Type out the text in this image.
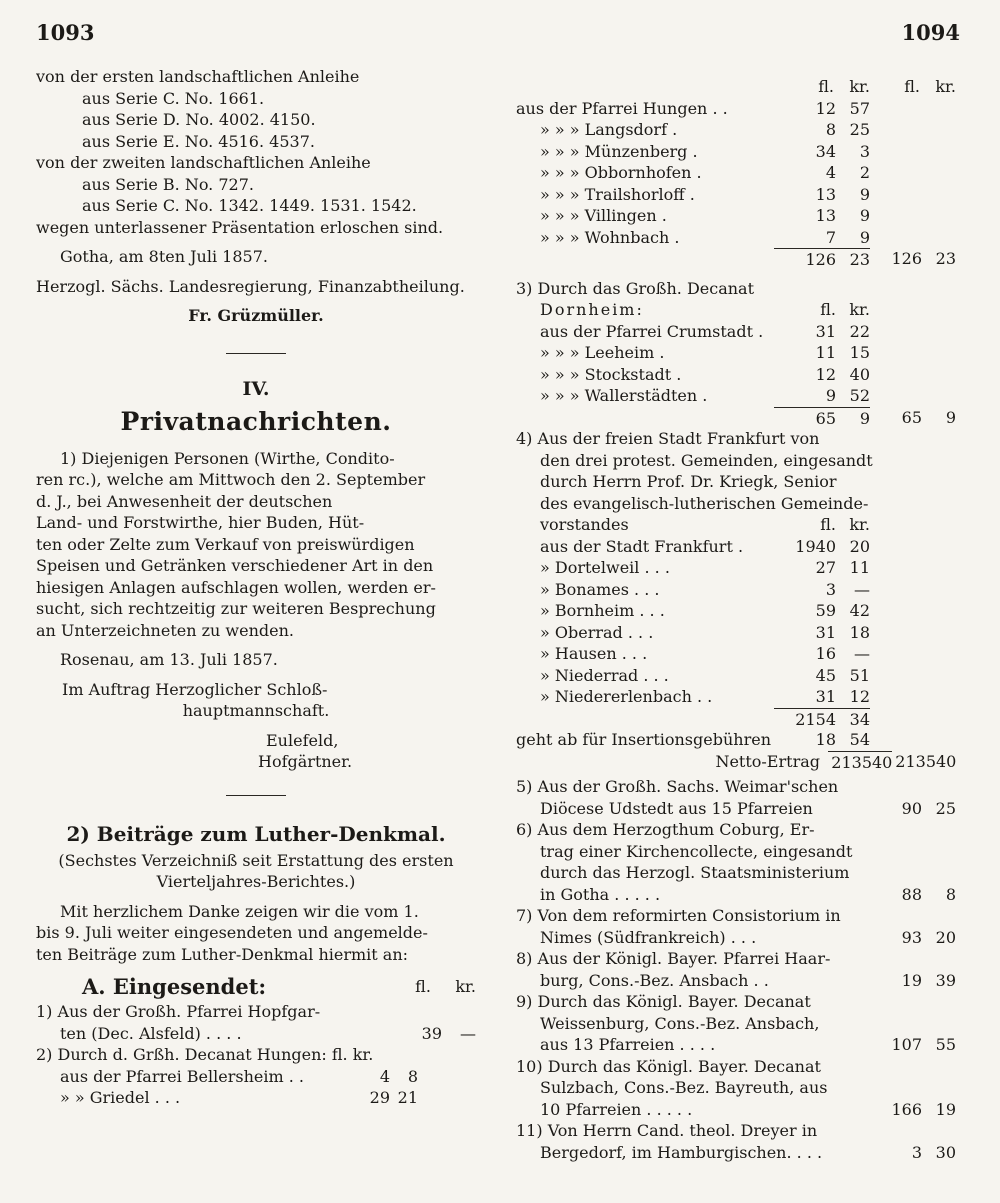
1093	1094
von der ersten landschaftlichen Anleihe
aus Serie C. No. 1661.
aus Serie D. No. 4002. 4150.
aus Serie E. No. 4516. 4537.
von der zweiten landschaftlichen Anleihe
aus Serie B. No. 727.
aus Serie C. No. 1342. 1449. 1531. 1542.
wegen unterlassener Präsentation erloschen sind.
Gotha, am 8ten Juli 1857.
Herzogl. Sächs. Landesregierung, Finanzabtheilung.
Fr. Grüzmüller.
IV.
Privatnachrichten.
1) Diejenigen Personen (Wirthe, Condito-
ren rc.), welche am Mittwoch den 2. September
d. J., bei Anwesenheit der deutschen
Land- und Forstwirthe, hier Buden, Hüt-
ten oder Zelte zum Verkauf von preiswürdigen
Speisen und Getränken verschiedener Art in den
hiesigen Anlagen aufschlagen wollen, werden er-
sucht, sich rechtzeitig zur weiteren Besprechung
an Unterzeichneten zu wenden.
Rosenau, am 13. Juli 1857.
Im Auftrag Herzoglicher Schloß-
hauptmannschaft.
Eulefeld,
Hofgärtner.
2) Beiträge zum Luther-Denkmal.
(Sechstes Verzeichniß seit Erstattung des ersten
Vierteljahres-Berichtes.)
Mit herzlichem Danke zeigen wir die vom 1.
bis 9. Juli weiter eingesendeten und angemelde-
ten Beiträge zum Luther-Denkmal hiermit an:
A. Eingesendet:	fl. kr.
1) Aus der Großh. Pfarrei Hopfgar-
ten (Dec. Alsfeld) . . . .	39	—
2) Durch d. Grßh. Decanat Hungen: fl. kr.
aus der Pfarrei Bellersheim . .	4	8
» » Griedel . . .	29 21
fl. kr.	fl. kr.
aus der Pfarrei Hungen . .	12 57
» » » Langsdorf .	8 25
» » » Münzenberg .	34	3
» » » Obbornhofen .	4	2
» » » Trailshorloff .	13	9
» » » Villingen .	13	9
» » » Wohnbach .	7	9
126 23	126 23
3) Durch das Großh. Decanat
Dornheim:	fl. kr.
aus der Pfarrei Crumstadt .	31 22
» » » Leeheim .	11 15
» » » Stockstadt .	12 40
» » » Wallerstädten .	9 52
65	9	65	9
4) Aus der freien Stadt Frankfurt von
den drei protest. Gemeinden, eingesandt
durch Herrn Prof. Dr. Kriegk, Senior
des evangelisch-lutherischen Gemeinde-
vorstandes	fl. kr.
aus der Stadt Frankfurt .	1940 20
» Dortelweil . . .	27 11
» Bonames . . .	3	—
» Bornheim . . .	59 42
» Oberrad . . .	31 18
» Hausen . . .	16	—
» Niederrad . . .	45 51
» Niedererlenbach . .	31 12
2154 34
geht ab für Insertionsgebühren	18 54
Netto-Ertrag 2135 40 2135 40
5) Aus der Großh. Sachs. Weimar'schen
Diöcese Udstedt aus 15 Pfarreien	90 25
6) Aus dem Herzogthum Coburg, Er-
trag einer Kirchencollecte, eingesandt
durch das Herzogl. Staatsministerium
in Gotha . . . . .	88	8
7) Von dem reformirten Consistorium in
Nimes (Südfrankreich) . . .	93 20
8) Aus der Königl. Bayer. Pfarrei Haar-
burg, Cons.-Bez. Ansbach . .	19 39
9) Durch das Königl. Bayer. Decanat
Weissenburg, Cons.-Bez. Ansbach,
aus 13 Pfarreien . . . .	107 55
10) Durch das Königl. Bayer. Decanat
Sulzbach, Cons.-Bez. Bayreuth, aus
10 Pfarreien . . . . .	166 19
11) Von Herrn Cand. theol. Dreyer in
Bergedorf, im Hamburgischen. . . .	3 30
